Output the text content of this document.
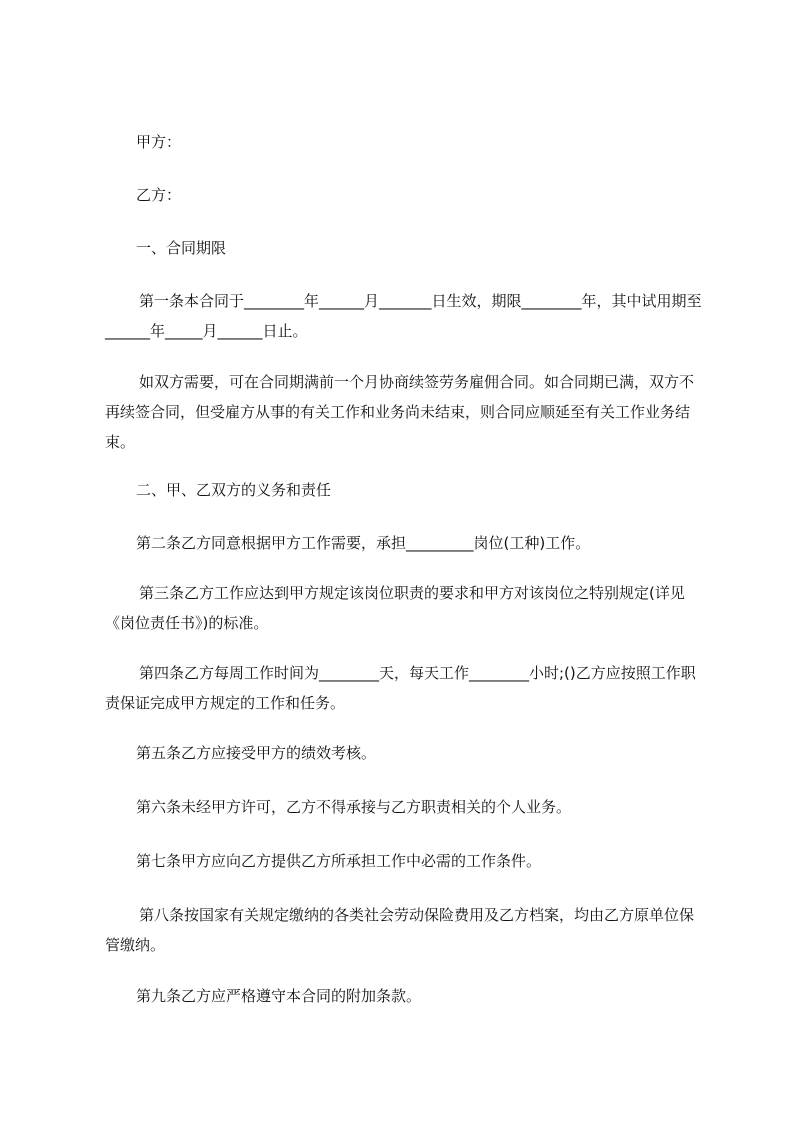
甲方：
乙方：
一、合同期限
第一条本合同于________年______月_______日生效，期限________年，其中试用期至______年_____月______日止。
如双方需要，可在合同期满前一个月协商续签劳务雇佣合同。如合同期已满，双方不再续签合同，但受雇方从事的有关工作和业务尚未结束，则合同应顺延至有关工作业务结束。
二、甲、乙双方的义务和责任
第二条乙方同意根据甲方工作需要，承担_________岗位(工种)工作。
第三条乙方工作应达到甲方规定该岗位职责的要求和甲方对该岗位之特别规定(详见《岗位责任书》)的标准。
第四条乙方每周工作时间为________天，每天工作________小时;()乙方应按照工作职责保证完成甲方规定的工作和任务。
第五条乙方应接受甲方的绩效考核。
第六条未经甲方许可，乙方不得承接与乙方职责相关的个人业务。
第七条甲方应向乙方提供乙方所承担工作中必需的工作条件。
第八条按国家有关规定缴纳的各类社会劳动保险费用及乙方档案，均由乙方原单位保管缴纳。
第九条乙方应严格遵守本合同的附加条款。
